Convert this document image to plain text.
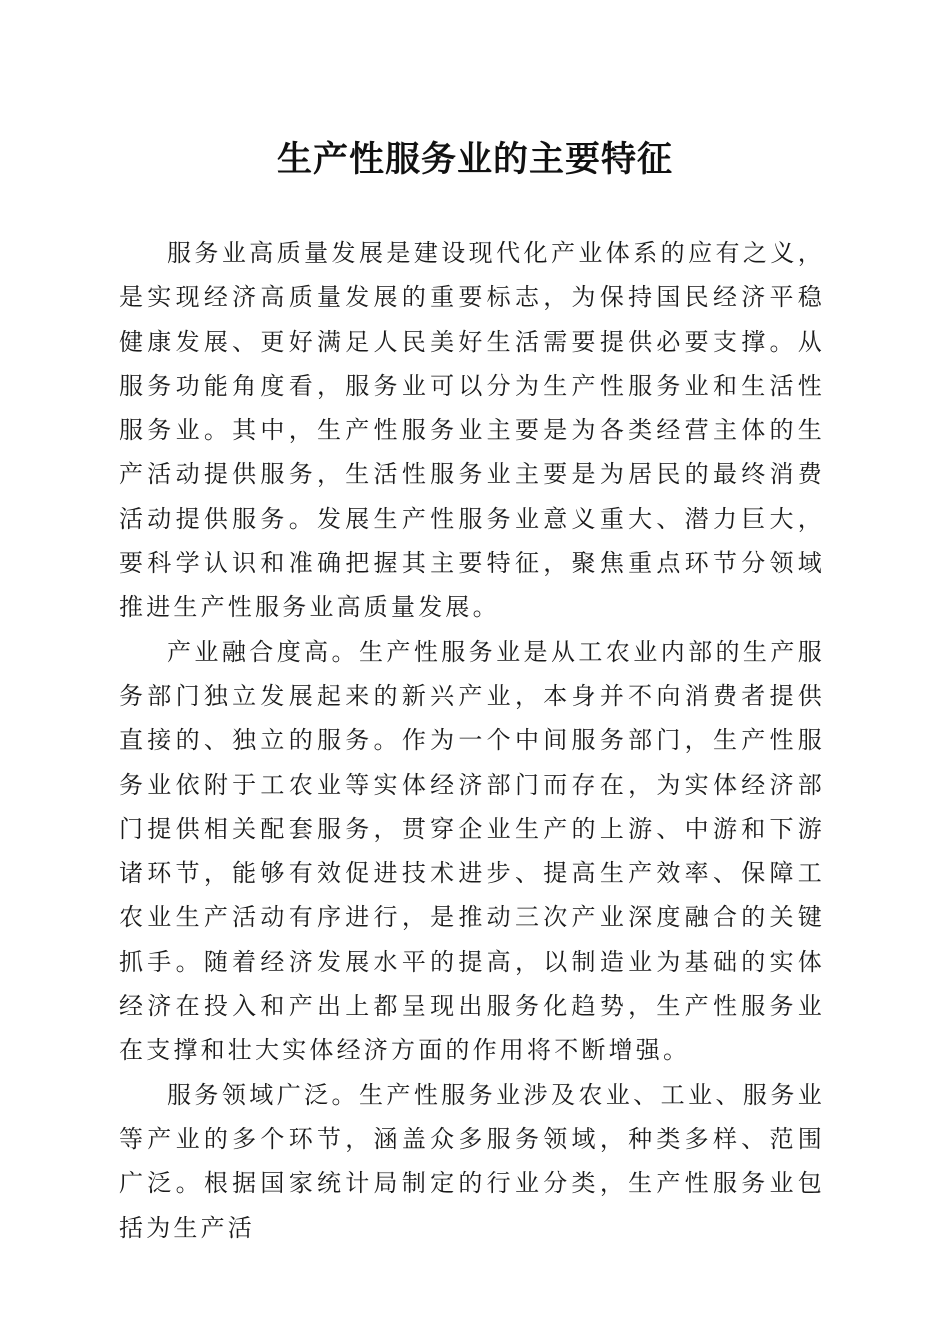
生产性服务业的主要特征

服务业高质量发展是建设现代化产业体系的应有之义，是实现经济高质量发展的重要标志，为保持国民经济平稳健康发展、更好满足人民美好生活需要提供必要支撑。从服务功能角度看，服务业可以分为生产性服务业和生活性服务业。其中，生产性服务业主要是为各类经营主体的生产活动提供服务，生活性服务业主要是为居民的最终消费活动提供服务。发展生产性服务业意义重大、潜力巨大，要科学认识和准确把握其主要特征，聚焦重点环节分领域推进生产性服务业高质量发展。

产业融合度高。生产性服务业是从工农业内部的生产服务部门独立发展起来的新兴产业，本身并不向消费者提供直接的、独立的服务。作为一个中间服务部门，生产性服务业依附于工农业等实体经济部门而存在，为实体经济部门提供相关配套服务，贯穿企业生产的上游、中游和下游诸环节，能够有效促进技术进步、提高生产效率、保障工农业生产活动有序进行，是推动三次产业深度融合的关键抓手。随着经济发展水平的提高，以制造业为基础的实体经济在投入和产出上都呈现出服务化趋势，生产性服务业在支撑和壮大实体经济方面的作用将不断增强。

服务领域广泛。生产性服务业涉及农业、工业、服务业等产业的多个环节，涵盖众多服务领域，种类多样、范围广泛。根据国家统计局制定的行业分类，生产性服务业包括为生产活
